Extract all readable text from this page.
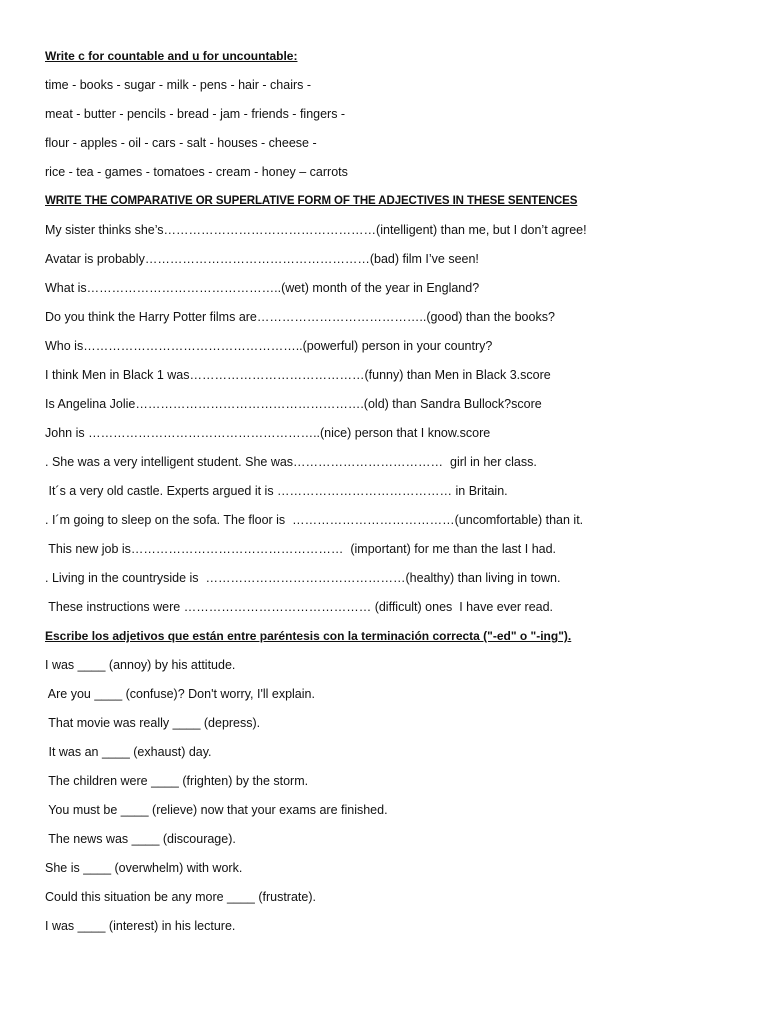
Write c for countable and u for uncountable:
time - books - sugar - milk - pens - hair - chairs -
meat - butter - pencils - bread - jam - friends - fingers -
flour - apples - oil - cars - salt - houses - cheese -
rice - tea - games - tomatoes - cream - honey – carrots
WRITE THE COMPARATIVE OR SUPERLATIVE FORM OF THE ADJECTIVES IN THESE SENTENCES
My sister thinks she’s……………………………………………(intelligent) than me, but I don’t agree!
Avatar is probably………………………………………………(bad) film I’ve seen!
What is………………………………………..(wet) month of the year in England?
Do you think the Harry Potter films are…………………………………..(good) than the books?
Who is……………………………………………..(powerful) person in your country?
I think Men in Black 1 was……………………………………(funny) than Men in Black 3.score
Is Angelina Jolie……………………………………………….(old) than Sandra Bullock?score
John is ………………………………………………..(nice) person that I know.score
. She was a very intelligent student. She was………………………………  girl in her class.
It´s a very old castle. Experts argued it is …………………………………… in Britain.
. I´m going to sleep on the sofa. The floor is  …………………………………(uncomfortable) than it.
This new job is……………………………………………  (important) for me than the last I had.
. Living in the countryside is  …………………………………………(healthy) than living in town.
These instructions were ……………………………………… (difficult) ones  I have ever read.
Escribe los adjetivos que están entre paréntesis con la terminación correcta ("-ed" o "-ing").
I was ____ (annoy) by his attitude.
Are you ____ (confuse)? Don't worry, I'll explain.
That movie was really ____ (depress).
It was an ____ (exhaust) day.
The children were ____ (frighten) by the storm.
You must be ____ (relieve) now that your exams are finished.
The news was ____ (discourage).
She is ____ (overwhelm) with work.
Could this situation be any more ____ (frustrate).
I was ____ (interest) in his lecture.
